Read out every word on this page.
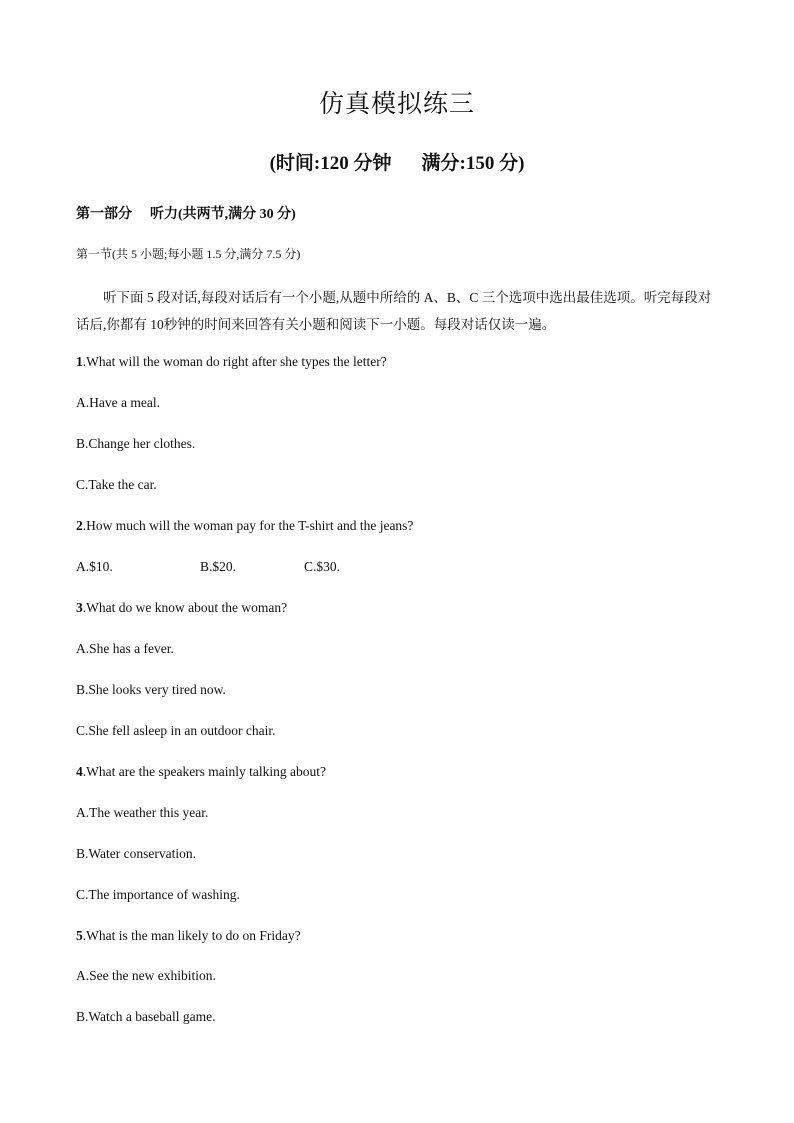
仿真模拟练三
(时间:120 分钟 满分:150 分)
第一部分 听力(共两节,满分 30 分)
第一节(共 5 小题;每小题 1.5 分,满分 7.5 分)
听下面 5 段对话,每段对话后有一个小题,从题中所给的 A、B、C 三个选项中选出最佳选项。听完每段对话后,你都有 10秒钟的时间来回答有关小题和阅读下一小题。每段对话仅读一遍。
1.What will the woman do right after she types the letter?
A.Have a meal.
B.Change her clothes.
C.Take the car.
2.How much will the woman pay for the T-shirt and the jeans?
A.$10.	B.$20.	C.$30.
3.What do we know about the woman?
A.She has a fever.
B.She looks very tired now.
C.She fell asleep in an outdoor chair.
4.What are the speakers mainly talking about?
A.The weather this year.
B.Water conservation.
C.The importance of washing.
5.What is the man likely to do on Friday?
A.See the new exhibition.
B.Watch a baseball game.
